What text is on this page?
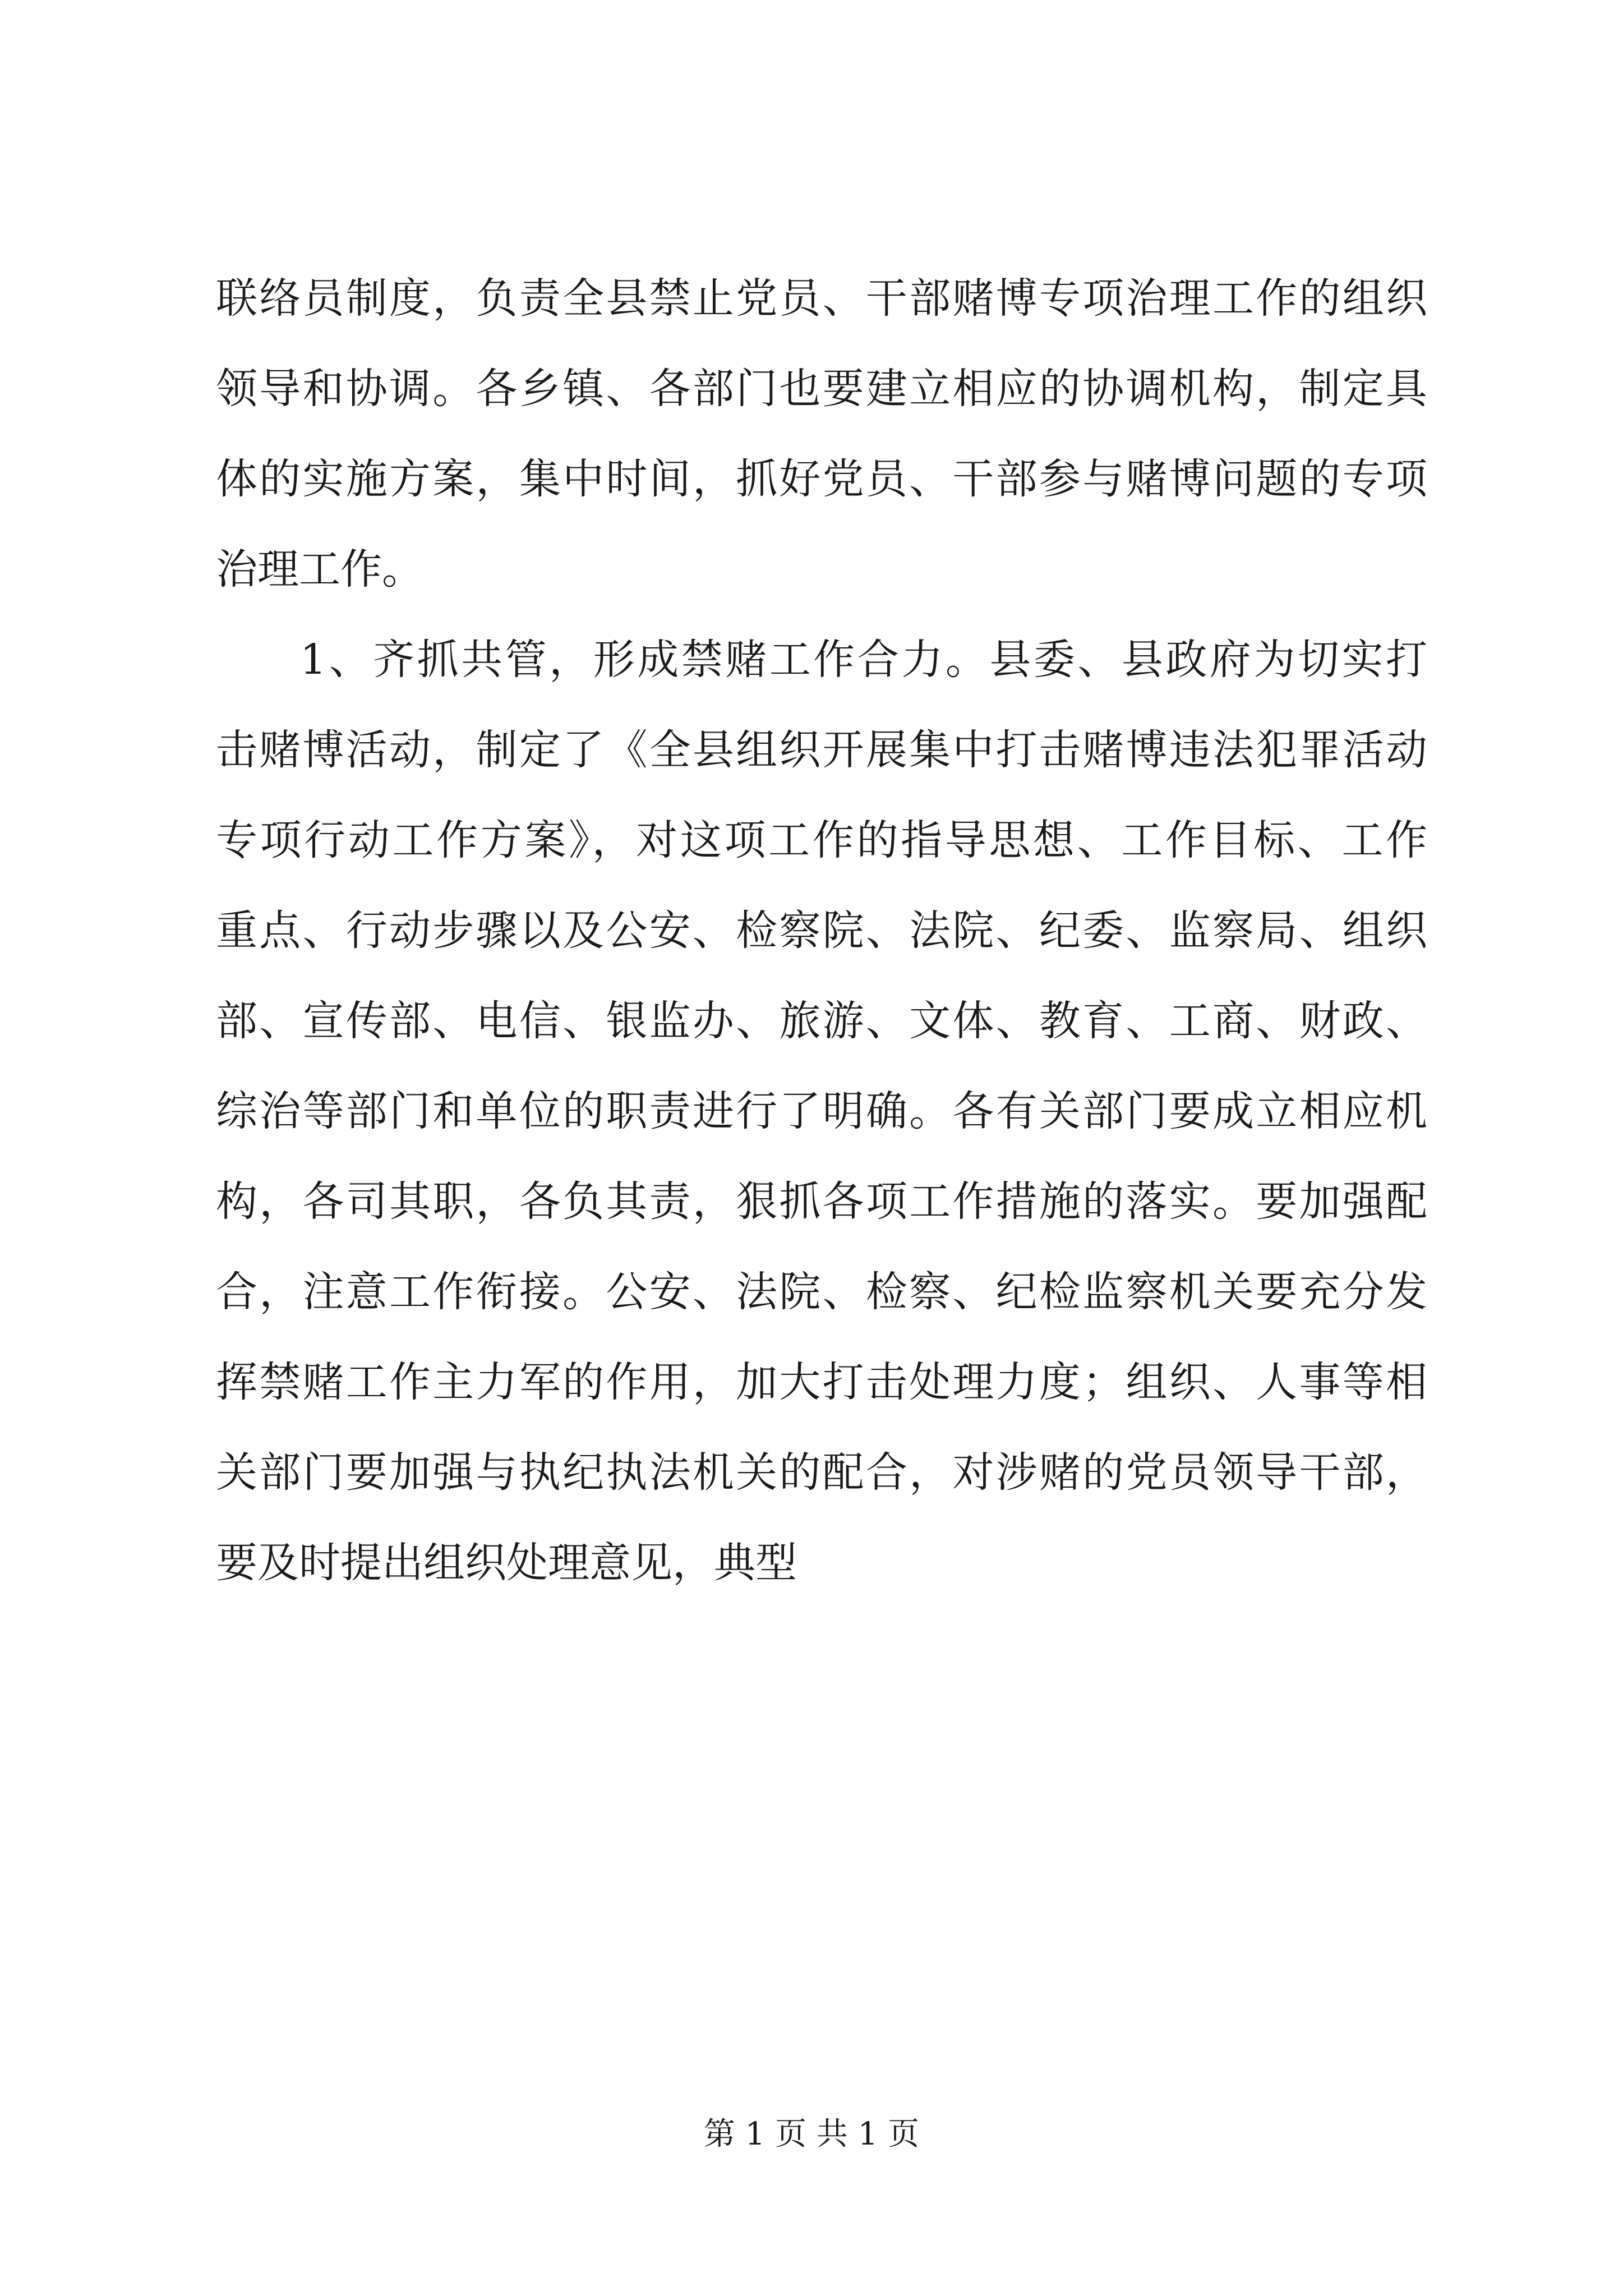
联络员制度，负责全县禁止党员、干部赌博专项治理工作的组织
领导和协调。各乡镇、各部门也要建立相应的协调机构，制定具
体的实施方案，集中时间，抓好党员、干部参与赌博问题的专项
治理工作。
1、齐抓共管，形成禁赌工作合力。县委、县政府为切实打
击赌博活动，制定了《全县组织开展集中打击赌博违法犯罪活动
专项行动工作方案》，对这项工作的指导思想、工作目标、工作
重点、行动步骤以及公安、检察院、法院、纪委、监察局、组织
部、宣传部、电信、银监办、旅游、文体、教育、工商、财政、
综治等部门和单位的职责进行了明确。各有关部门要成立相应机
构，各司其职，各负其责，狠抓各项工作措施的落实。要加强配
合，注意工作衔接。公安、法院、检察、纪检监察机关要充分发
挥禁赌工作主力军的作用，加大打击处理力度；组织、人事等相
关部门要加强与执纪执法机关的配合，对涉赌的党员领导干部，
要及时提出组织处理意见，典型
第 1 页 共 1 页
